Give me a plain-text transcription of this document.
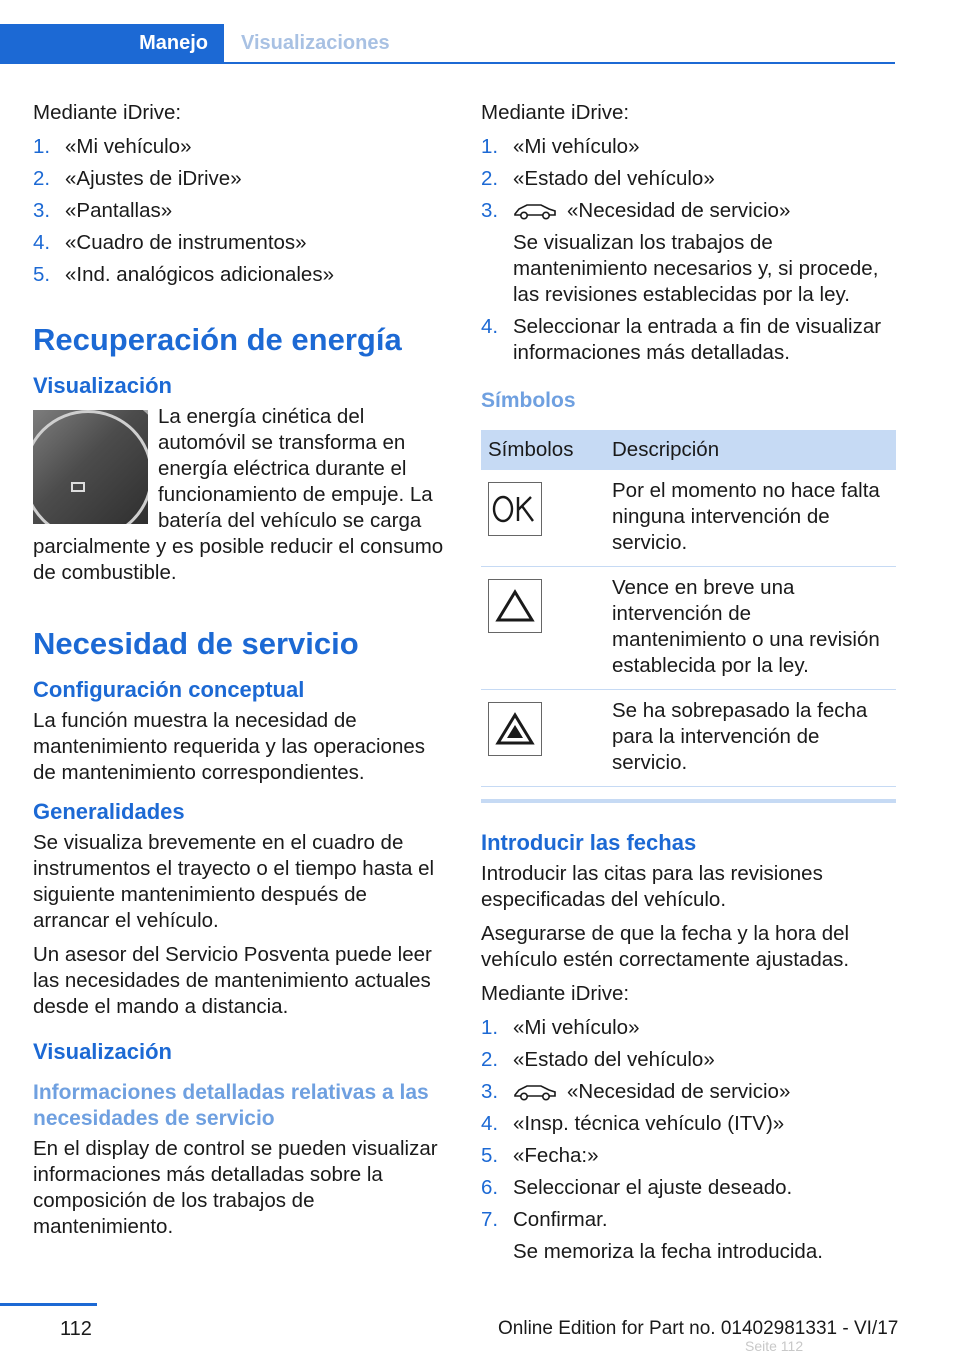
Manejo Visualizaciones

Mediante iDrive:

1. «Mi vehículo»
2. «Ajustes de iDrive»
3. «Pantallas»
4. «Cuadro de instrumentos»
5. «Ind. analógicos adicionales»
Recuperación de energía
Visualización

La energía cinética del automóvil se transforma en energía eléctrica durante el funcionamiento de empuje. La batería del vehículo se carga parcialmente y es posible reducir el consumo de combustible.

Necesidad de servicio
Configuración conceptual

La función muestra la necesidad de mantenimiento requerida y las operaciones de mantenimiento correspondientes.

Generalidades

Se visualiza brevemente en el cuadro de instrumentos el trayecto o el tiempo hasta el siguiente mantenimiento después de arrancar el vehículo.

Un asesor del Servicio Posventa puede leer las necesidades de mantenimiento actuales desde el mando a distancia.

Visualización
Informaciones detalladas relativas a las necesidades de servicio

En el display de control se pueden visualizar informaciones más detalladas sobre la composición de los trabajos de mantenimiento.

Mediante iDrive:

1. «Mi vehículo»
2. «Estado del vehículo»
3.	«Necesidad de servicio»
Se visualizan los trabajos de mantenimiento necesarios y, si procede, las revisiones establecidas por la ley.
4. Seleccionar la entrada a fin de visualizar informaciones más detalladas.
Símbolos
Símbolos	Descripción

	Por el momento no hace falta ninguna intervención de servicio.

	Vence en breve una intervención de mantenimiento o una revisión establecida por la ley.

	Se ha sobrepasado la fecha para la intervención de servicio.
Introducir las fechas

Introducir las citas para las revisiones especificadas del vehículo.

Asegurarse de que la fecha y la hora del vehículo estén correctamente ajustadas.

Mediante iDrive:

1. «Mi vehículo»
2. «Estado del vehículo»
3.	«Necesidad de servicio»
4. «Insp. técnica vehículo (ITV)»
5. «Fecha:»
6. Seleccionar el ajuste deseado.
7. Confirmar.
Se memoriza la fecha introducida.
112	Online Edition for Part no. 01402981331 - VI/17
Seite 112
